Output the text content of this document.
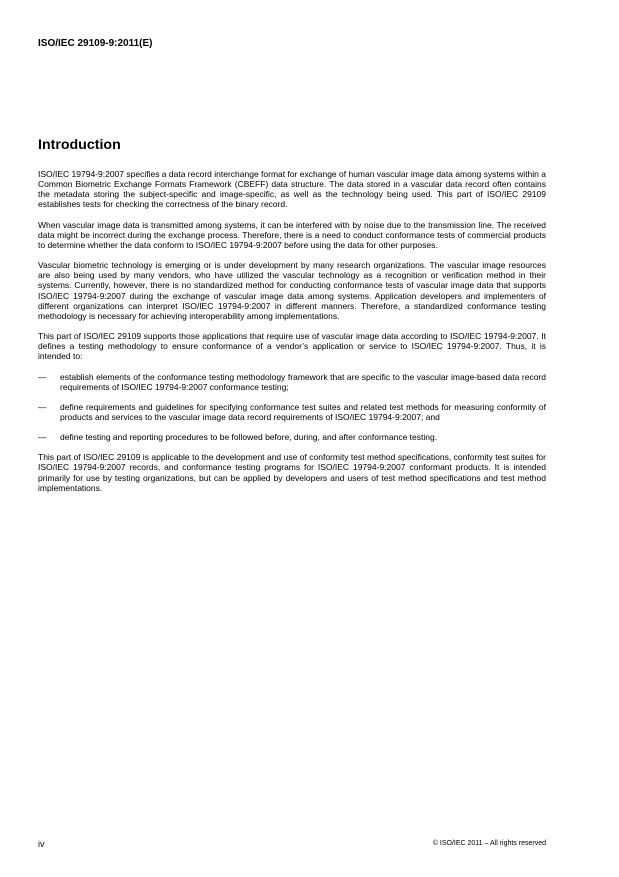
ISO/IEC 29109-9:2011(E)
Introduction

ISO/IEC 19794-9:2007 specifies a data record interchange format for exchange of human vascular image data among systems within a Common Biometric Exchange Formats Framework (CBEFF) data structure. The data stored in a vascular data record often contains the metadata storing the subject-specific and image-specific, as well as the technology being used. This part of ISO/IEC 29109 establishes tests for checking the correctness of the binary record.

When vascular image data is transmitted among systems, it can be interfered with by noise due to the transmission line. The received data might be incorrect during the exchange process. Therefore, there is a need to conduct conformance tests of commercial products to determine whether the data conform to ISO/IEC 19794-9:2007 before using the data for other purposes.

Vascular biometric technology is emerging or is under development by many research organizations. The vascular image resources are also being used by many vendors, who have utilized the vascular technology as a recognition or verification method in their systems. Currently, however, there is no standardized method for conducting conformance tests of vascular image data that supports ISO/IEC 19794-9:2007 during the exchange of vascular image data among systems. Application developers and implementers of different organizations can interpret ISO/IEC 19794-9:2007 in different manners. Therefore, a standardized conformance testing methodology is necessary for achieving interoperability among implementations.

This part of ISO/IEC 29109 supports those applications that require use of vascular image data according to ISO/IEC 19794-9:2007. It defines a testing methodology to ensure conformance of a vendor’s application or service to ISO/IEC 19794-9:2007. Thus, it is intended to:

— establish elements of the conformance testing methodology framework that are specific to the vascular image-based data record requirements of ISO/IEC 19794-9:2007 conformance testing;
— define requirements and guidelines for specifying conformance test suites and related test methods for measuring conformity of products and services to the vascular image data record requirements of ISO/IEC 19794-9:2007; and
— define testing and reporting procedures to be followed before, during, and after conformance testing.

This part of ISO/IEC 29109 is applicable to the development and use of conformity test method specifications, conformity test suites for ISO/IEC 19794-9:2007 records, and conformance testing programs for ISO/IEC 19794-9:2007 conformant products. It is intended primarily for use by testing organizations, but can be applied by developers and users of test method specifications and test method implementations.

iv	© ISO/IEC 2011 – All rights reserved
